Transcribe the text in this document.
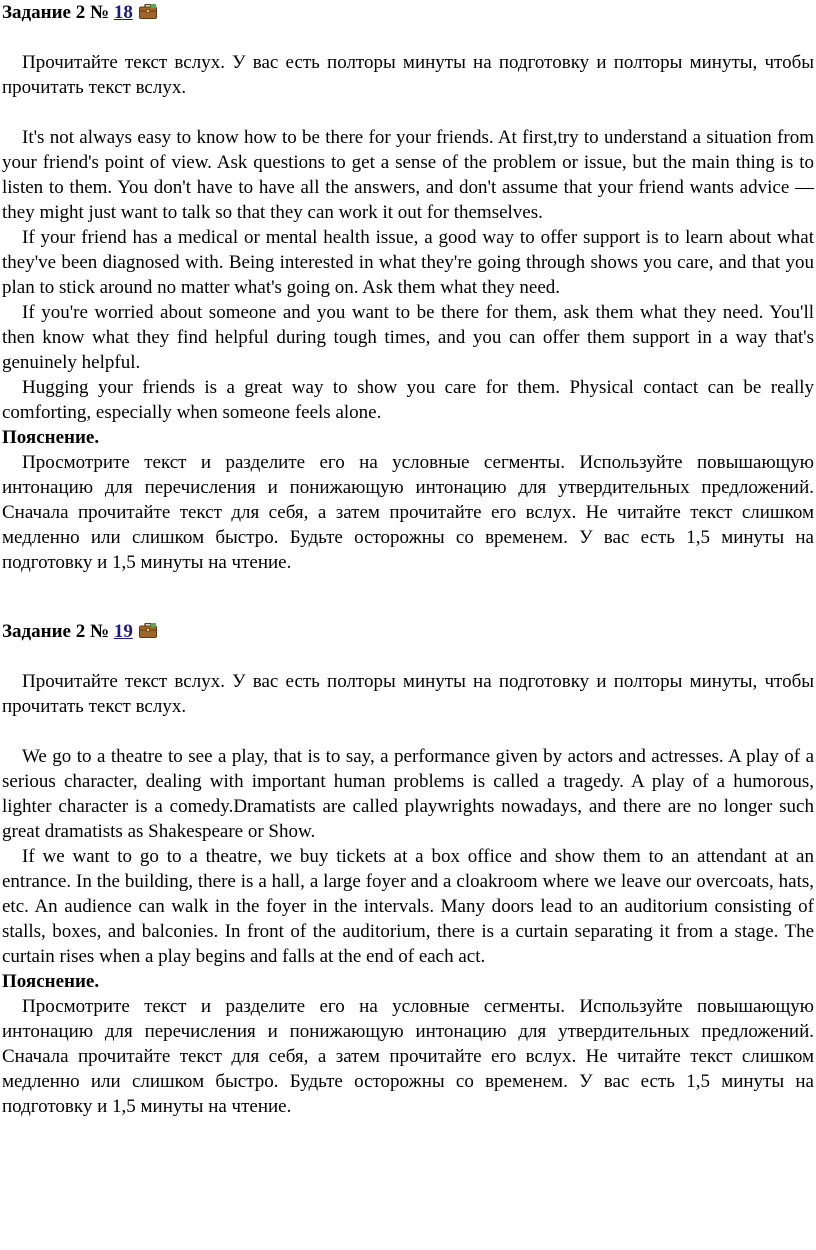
Задание 2 № 18

Прочитайте текст вслух. У вас есть полторы минуты на подготовку и полторы минуты, чтобы прочитать текст вслух.

It's not always easy to know how to be there for your friends. At first,try to understand a situation from your friend's point of view. Ask questions to get a sense of the problem or issue, but the main thing is to listen to them. You don't have to have all the answers, and don't assume that your friend wants advice — they might just want to talk so that they can work it out for themselves.

If your friend has a medical or mental health issue, a good way to offer support is to learn about what they've been diagnosed with. Being interested in what they're going through shows you care, and that you plan to stick around no matter what's going on. Ask them what they need.

If you're worried about someone and you want to be there for them, ask them what they need. You'll then know what they find helpful during tough times, and you can offer them support in a way that's genuinely helpful.

Hugging your friends is a great way to show you care for them. Physical contact can be really comforting, especially when someone feels alone.

Пояснение.

Просмотрите текст и разделите его на условные сегменты. Используйте повышающую интонацию для перечисления и понижающую интонацию для утвердительных предложений. Сначала прочитайте текст для себя, а затем прочитайте его вслух. Не читайте текст слишком медленно или слишком быстро. Будьте осторожны со временем. У вас есть 1,5 минуты на подготовку и 1,5 минуты на чтение.

Задание 2 № 19

Прочитайте текст вслух. У вас есть полторы минуты на подготовку и полторы минуты, чтобы прочитать текст вслух.

We go to a theatre to see a play, that is to say, a performance given by actors and actresses. A play of a serious character, dealing with important human problems is called a tragedy. A play of a humorous, lighter character is a comedy.Dramatists are called playwrights nowadays, and there are no longer such great dramatists as Shakespeare or Show.

If we want to go to a theatre, we buy tickets at a box office and show them to an attendant at an entrance. In the building, there is a hall, a large foyer and a cloakroom where we leave our overcoats, hats, etc. An audience can walk in the foyer in the intervals. Many doors lead to an auditorium consisting of stalls, boxes, and balconies. In front of the auditorium, there is a curtain separating it from a stage. The curtain rises when a play begins and falls at the end of each act.

Пояснение.

Просмотрите текст и разделите его на условные сегменты. Используйте повышающую интонацию для перечисления и понижающую интонацию для утвердительных предложений. Сначала прочитайте текст для себя, а затем прочитайте его вслух. Не читайте текст слишком медленно или слишком быстро. Будьте осторожны со временем. У вас есть 1,5 минуты на подготовку и 1,5 минуты на чтение.
